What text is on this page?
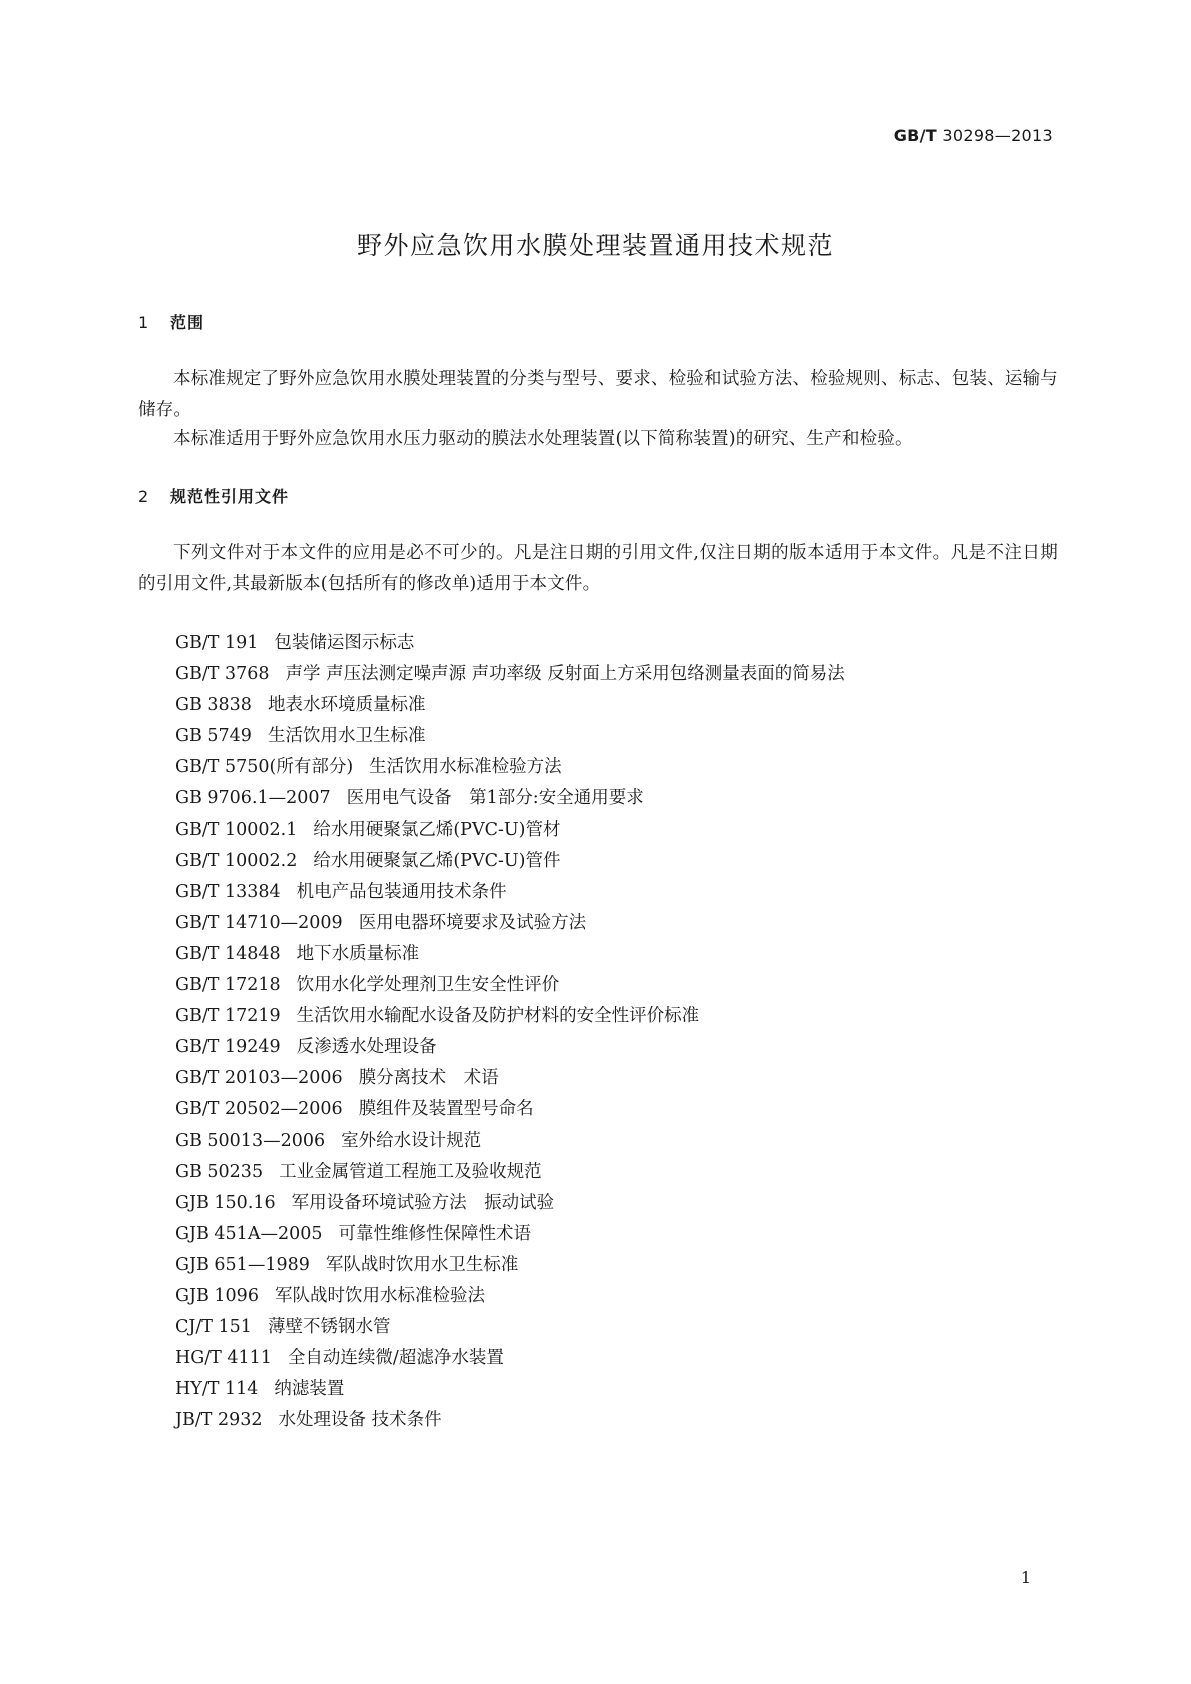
GB/T 30298—2013
野外应急饮用水膜处理装置通用技术规范
1 范围
本标准规定了野外应急饮用水膜处理装置的分类与型号、要求、检验和试验方法、检验规则、标志、包装、运输与储存。
本标准适用于野外应急饮用水压力驱动的膜法水处理装置(以下简称装置)的研究、生产和检验。
2 规范性引用文件
下列文件对于本文件的应用是必不可少的。凡是注日期的引用文件,仅注日期的版本适用于本文件。凡是不注日期的引用文件,其最新版本(包括所有的修改单)适用于本文件。
GB/T 191 包装储运图示标志
GB/T 3768 声学 声压法测定噪声源 声功率级 反射面上方采用包络测量表面的简易法
GB 3838 地表水环境质量标准
GB 5749 生活饮用水卫生标准
GB/T 5750(所有部分) 生活饮用水标准检验方法
GB 9706.1—2007 医用电气设备　第1部分:安全通用要求
GB/T 10002.1 给水用硬聚氯乙烯(PVC-U)管材
GB/T 10002.2 给水用硬聚氯乙烯(PVC-U)管件
GB/T 13384 机电产品包装通用技术条件
GB/T 14710—2009 医用电器环境要求及试验方法
GB/T 14848 地下水质量标准
GB/T 17218 饮用水化学处理剂卫生安全性评价
GB/T 17219 生活饮用水输配水设备及防护材料的安全性评价标准
GB/T 19249 反渗透水处理设备
GB/T 20103—2006 膜分离技术　术语
GB/T 20502—2006 膜组件及装置型号命名
GB 50013—2006 室外给水设计规范
GB 50235 工业金属管道工程施工及验收规范
GJB 150.16 军用设备环境试验方法　振动试验
GJB 451A—2005 可靠性维修性保障性术语
GJB 651—1989 军队战时饮用水卫生标准
GJB 1096 军队战时饮用水标准检验法
CJ/T 151 薄壁不锈钢水管
HG/T 4111 全自动连续微/超滤净水装置
HY/T 114 纳滤装置
JB/T 2932 水处理设备 技术条件
1
